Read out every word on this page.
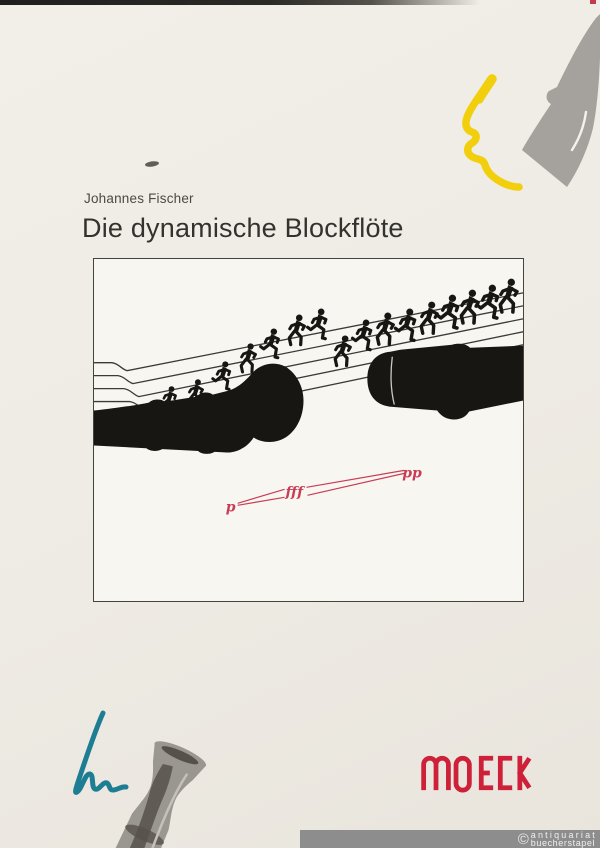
Johannes Fischer
Die dynamische Blockflöte
p
fff
pp
© antiquariat
buecherstapel
